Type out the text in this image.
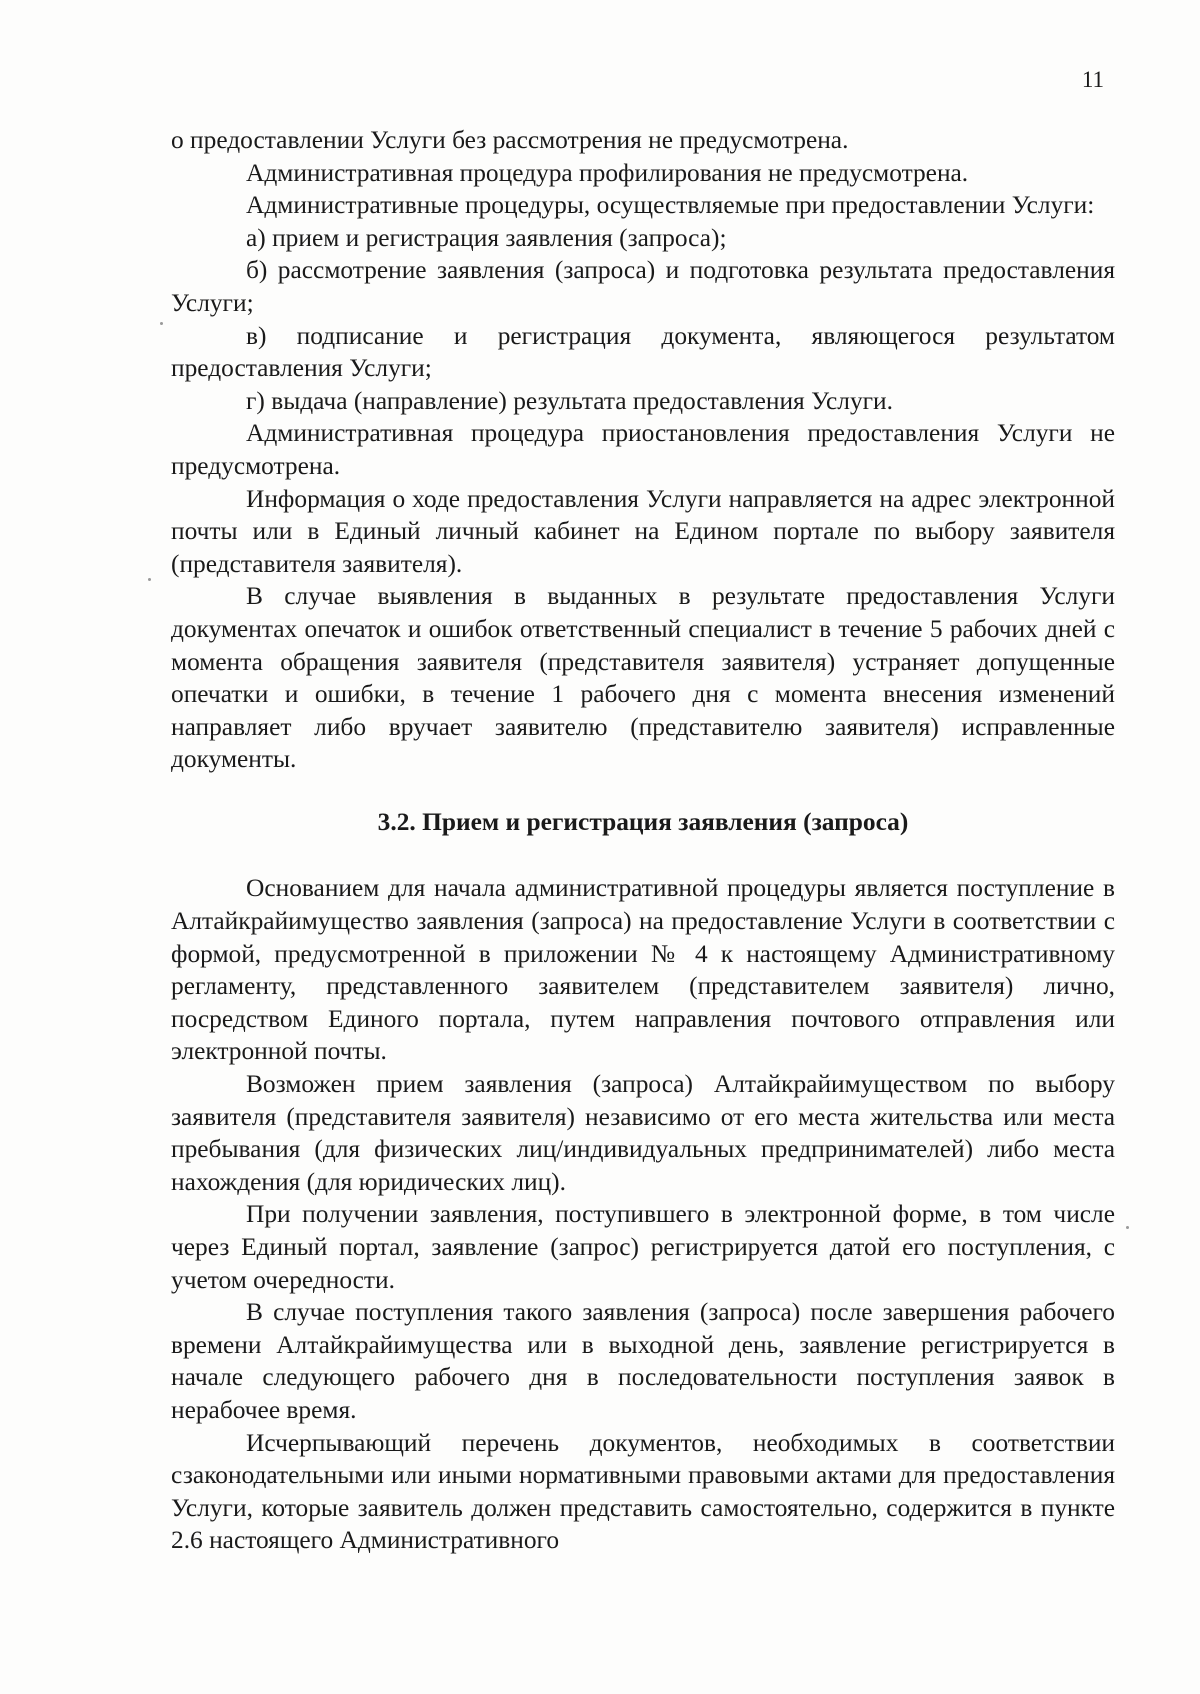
11

о предоставлении Услуги без рассмотрения не предусмотрена.

Административная процедура профилирования не предусмотрена.

Административные процедуры, осуществляемые при предоставлении Услуги:

а) прием и регистрация заявления (запроса);

б) рассмотрение заявления (запроса) и подготовка результата предоставления Услуги;

в) подписание и регистрация документа, являющегося результатом предоставления Услуги;

г) выдача (направление) результата предоставления Услуги.

Административная процедура приостановления предоставления Услуги не предусмотрена.

Информация о ходе предоставления Услуги направляется на адрес электронной почты или в Единый личный кабинет на Едином портале по выбору заявителя (представителя заявителя).

В случае выявления в выданных в результате предоставления Услуги документах опечаток и ошибок ответственный специалист в течение 5 рабочих дней с момента обращения заявителя (представителя заявителя) устраняет допущенные опечатки и ошибки, в течение 1 рабочего дня с момента внесения изменений направляет либо вручает заявителю (представителю заявителя) исправленные документы.

3.2. Прием и регистрация заявления (запроса)

Основанием для начала административной процедуры является поступление в Алтайкрайимущество заявления (запроса) на предоставление Услуги в соответствии с формой, предусмотренной в приложении № 4 к настоящему Административному регламенту, представленного заявителем (представителем заявителя) лично, посредством Единого портала, путем направления почтового отправления или электронной почты.

Возможен прием заявления (запроса) Алтайкрайимуществом по выбору заявителя (представителя заявителя) независимо от его места жительства или места пребывания (для физических лиц/индивидуальных предпринимателей) либо места нахождения (для юридических лиц).

При получении заявления, поступившего в электронной форме, в том числе через Единый портал, заявление (запрос) регистрируется датой его поступления, с учетом очередности.

В случае поступления такого заявления (запроса) после завершения рабочего времени Алтайкрайимущества или в выходной день, заявление регистрируется в начале следующего рабочего дня в последовательности поступления заявок в нерабочее время.

Исчерпывающий перечень документов, необходимых в соответствии сзаконодательными или иными нормативными правовыми актами для предоставления Услуги, которые заявитель должен представить самостоятельно, содержится в пункте 2.6 настоящего Административного
